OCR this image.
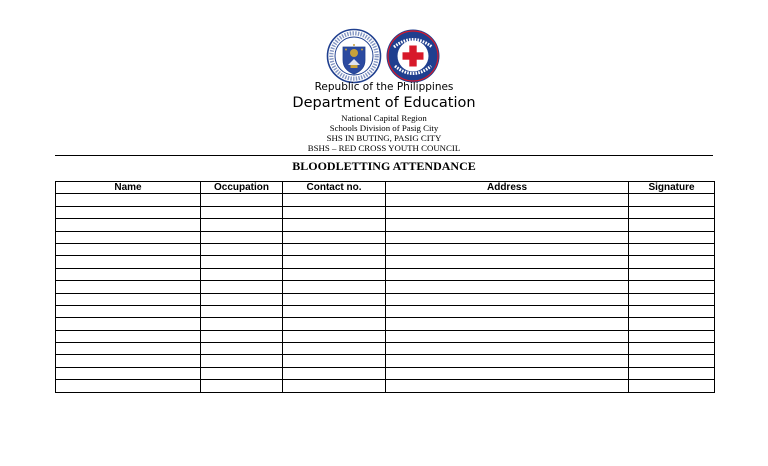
Republic of the Philippines
Department of Education
National Capital Region
Schools Division of Pasig City
SHS IN BUTING, PASIG CITY
BSHS – RED CROSS YOUTH COUNCIL
BLOODLETTING ATTENDANCE
Name	Occupation	Contact no.	Address	Signature
